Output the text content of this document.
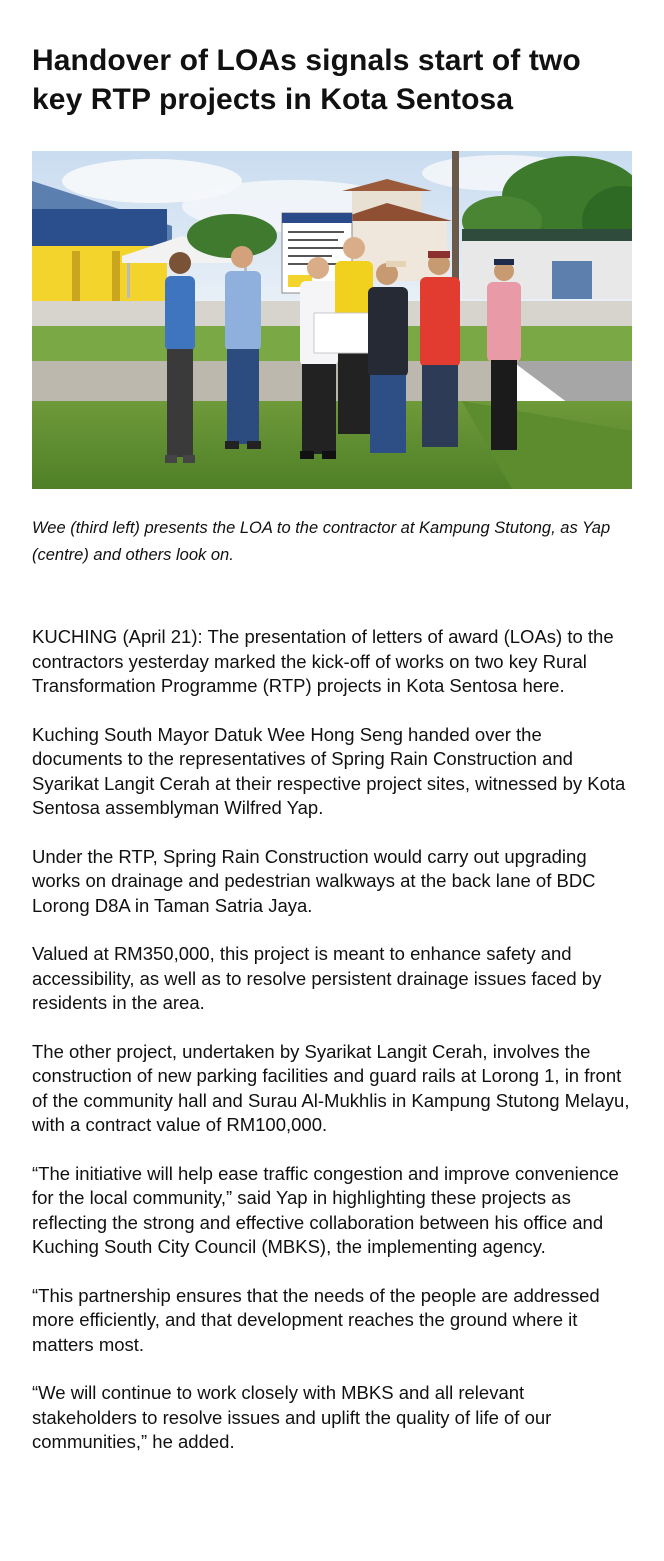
Handover of LOAs signals start of two key RTP projects in Kota Sentosa

Wee (third left) presents the LOA to the contractor at Kampung Stutong, as Yap (centre) and others look on.

KUCHING (April 21): The presentation of letters of award (LOAs) to the contractors yesterday marked the kick-off of works on two key Rural Transformation Programme (RTP) projects in Kota Sentosa here.

Kuching South Mayor Datuk Wee Hong Seng handed over the documents to the representatives of Spring Rain Construction and Syarikat Langit Cerah at their respective project sites, witnessed by Kota Sentosa assemblyman Wilfred Yap.

Under the RTP, Spring Rain Construction would carry out upgrading works on drainage and pedestrian walkways at the back lane of BDC Lorong D8A in Taman Satria Jaya.

Valued at RM350,000, this project is meant to enhance safety and accessibility, as well as to resolve persistent drainage issues faced by residents in the area.

The other project, undertaken by Syarikat Langit Cerah, involves the construction of new parking facilities and guard rails at Lorong 1, in front of the community hall and Surau Al-Mukhlis in Kampung Stutong Melayu, with a contract value of RM100,000.

“The initiative will help ease traffic congestion and improve convenience for the local community,” said Yap in highlighting these projects as reflecting the strong and effective collaboration between his office and Kuching South City Council (MBKS), the implementing agency.

“This partnership ensures that the needs of the people are addressed more efficiently, and that development reaches the ground where it matters most.

“We will continue to work closely with MBKS and all relevant stakeholders to resolve issues and uplift the quality of life of our communities,” he added.
